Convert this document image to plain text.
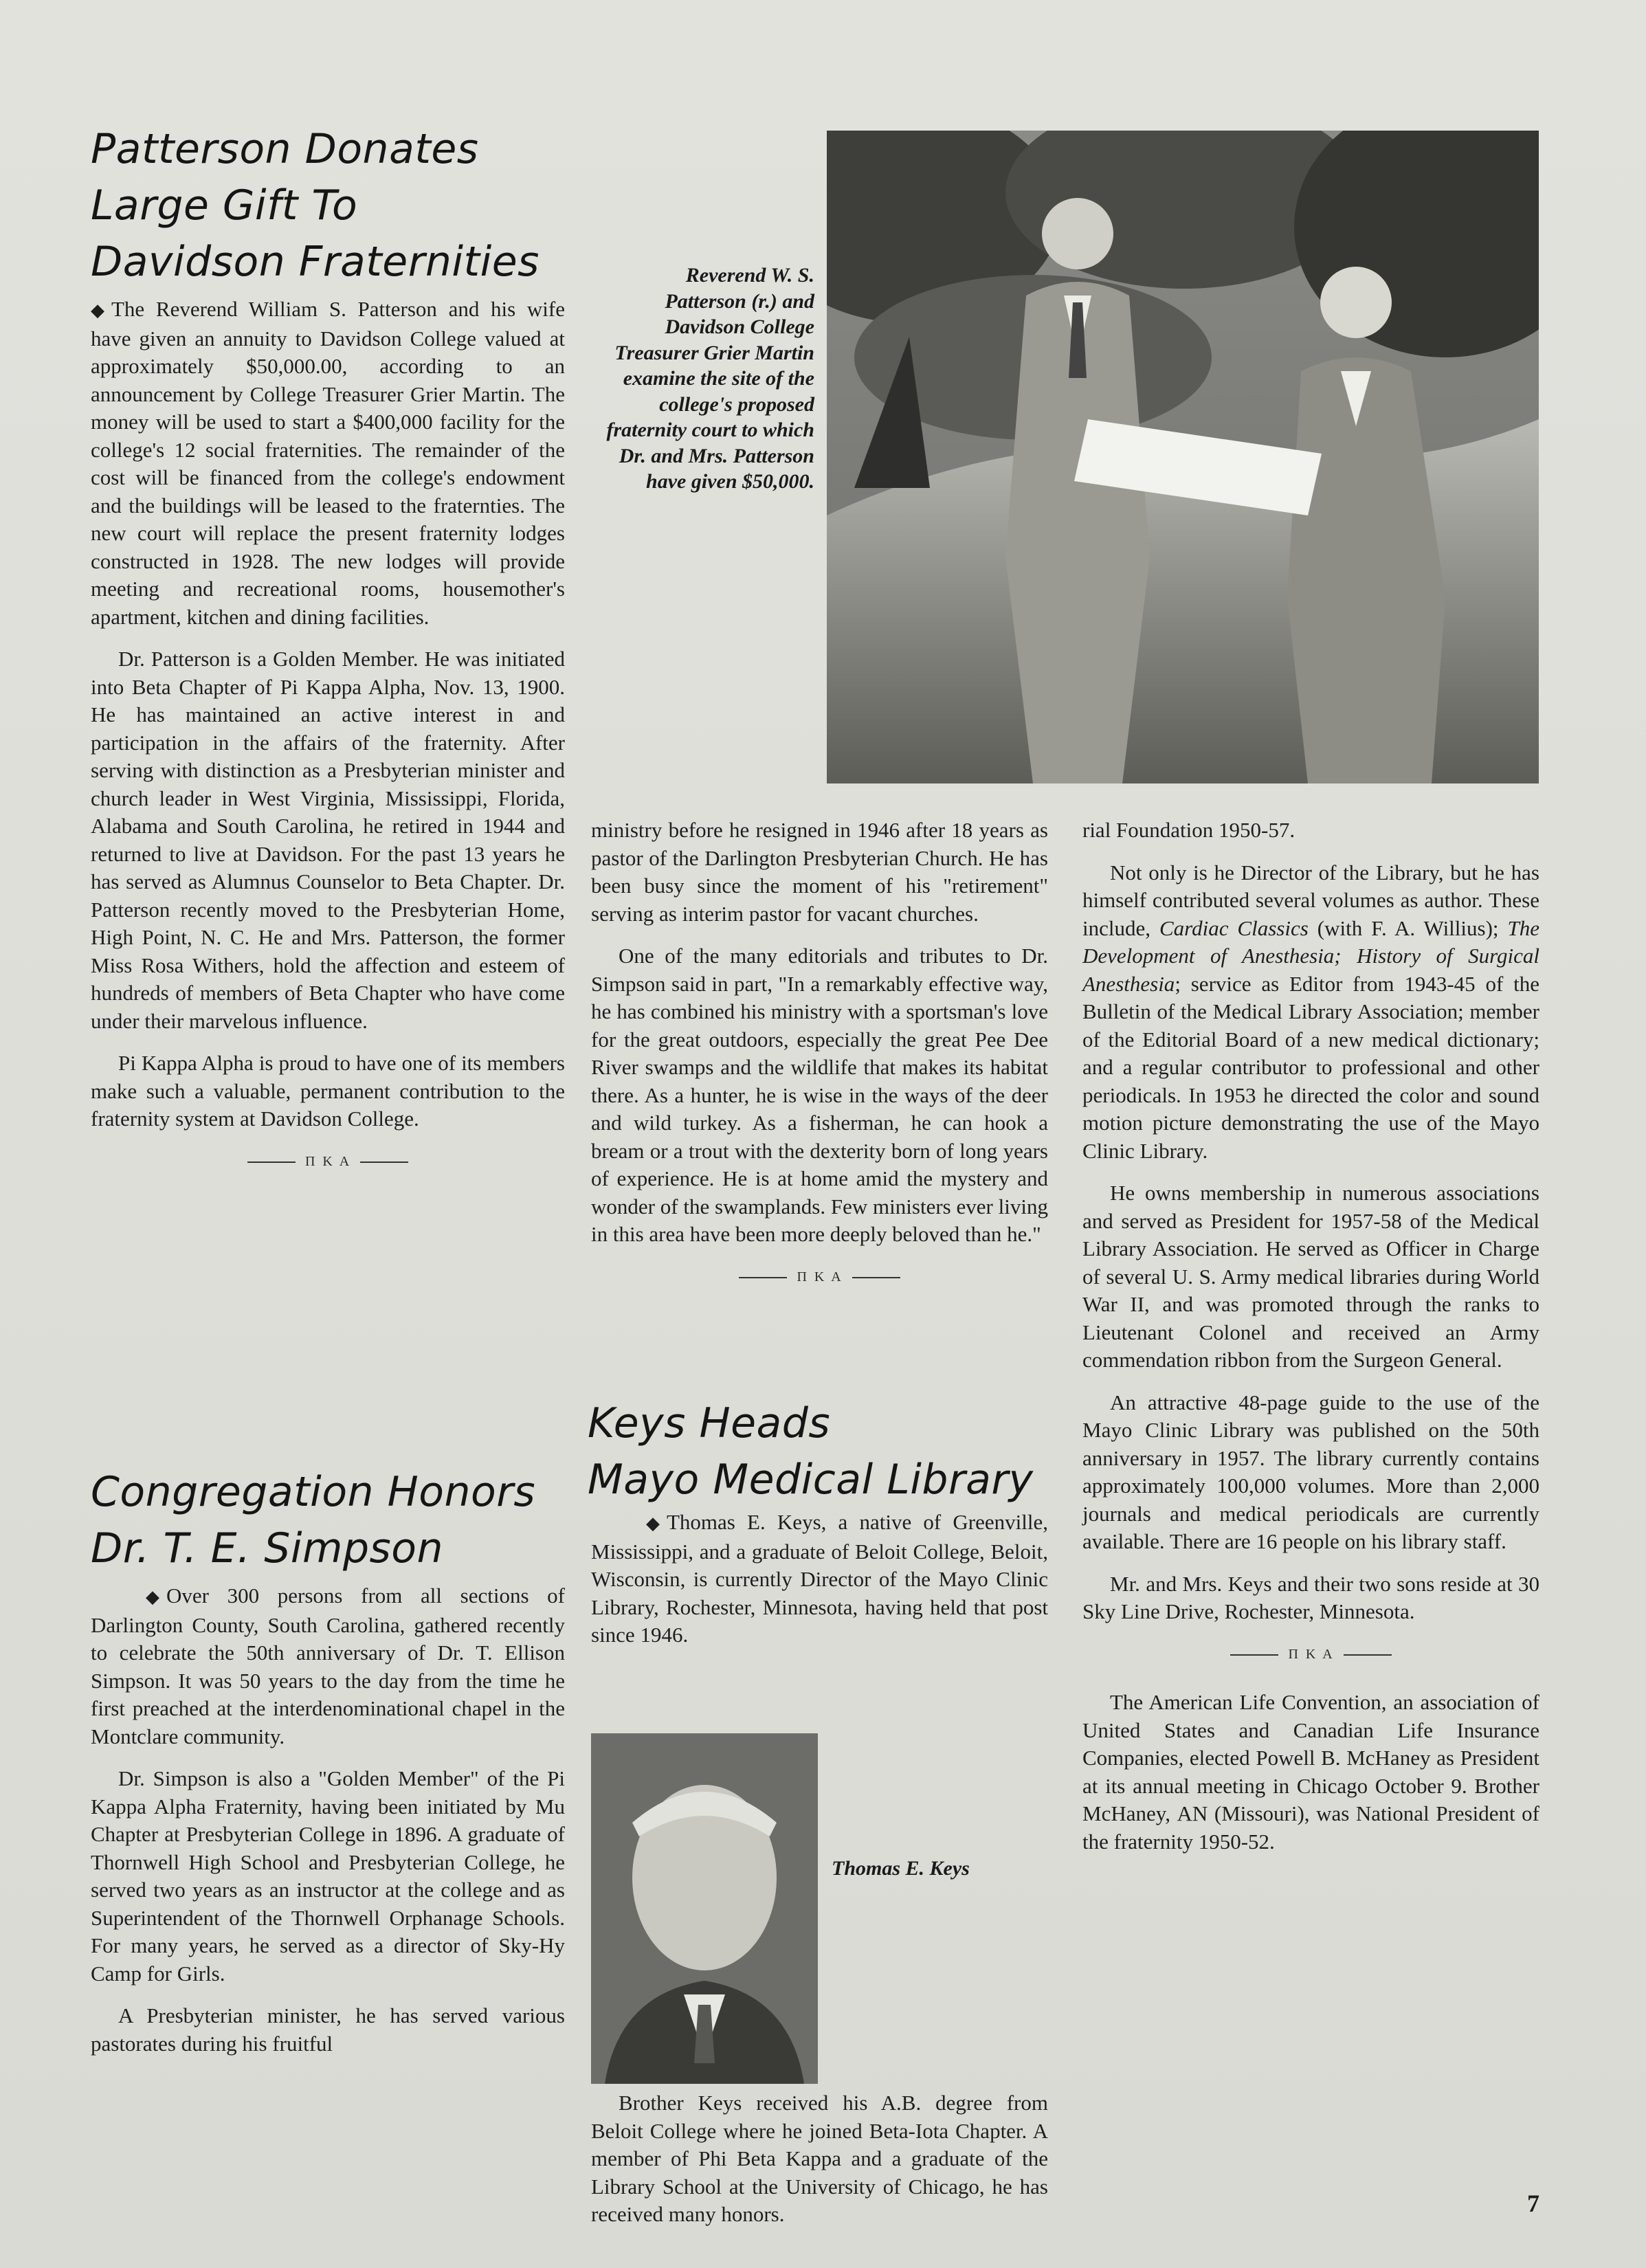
Patterson Donates
Large Gift To
Davidson Fraternities	Reverend W. S. Patterson (r.) and Davidson College Treasurer Grier Martin examine the site of the college's proposed fraternity court to which Dr. and Mrs. Patterson have given $50,000.

◆ The Reverend William S. Patterson and his wife have given an annuity to Davidson College valued at approximately $50,000.00, according to an announcement by College Treasurer Grier Martin. The money will be used to start a $400,000 facility for the college's 12 social fraternities. The remainder of the cost will be financed from the college's endowment and the buildings will be leased to the fraternties. The new court will replace the present fraternity lodges constructed in 1928. The new lodges will provide meeting and recreational rooms, housemother's apartment, kitchen and dining facilities.

Dr. Patterson is a Golden Member. He was initiated into Beta Chapter of Pi Kappa Alpha, Nov. 13, 1900. He has maintained an active interest in and participation in the affairs of the fraternity. After serving with distinction as a Presbyterian minister and church leader in West Virginia, Mississippi, Florida, Alabama and South Carolina, he retired in 1944 and returned to live at Davidson. For the past 13 years he has served as Alumnus Counselor to Beta Chapter. Dr. Patterson recently moved to the Presbyterian Home, High Point, N. C. He and Mrs. Patterson, the former Miss Rosa Withers, hold the affection and esteem of hundreds of members of Beta Chapter who have come under their marvelous influence.

Pi Kappa Alpha is proud to have one of its members make such a valuable, permanent contribution to the fraternity system at Davidson College.

Π Κ Α
Congregation Honors
Dr. T. E. Simpson

◆ Over 300 persons from all sections of Darlington County, South Carolina, gathered recently to celebrate the 50th anniversary of Dr. T. Ellison Simpson. It was 50 years to the day from the time he first preached at the interdenominational chapel in the Montclare community.

Dr. Simpson is also a "Golden Member" of the Pi Kappa Alpha Fraternity, having been initiated by Mu Chapter at Presbyterian College in 1896. A graduate of Thornwell High School and Presbyterian College, he served two years as an instructor at the college and as Superintendent of the Thornwell Orphanage Schools. For many years, he served as a director of Sky-Hy Camp for Girls.

A Presbyterian minister, he has served various pastorates during his fruitful

ministry before he resigned in 1946 after 18 years as pastor of the Darlington Presbyterian Church. He has been busy since the moment of his "retirement" serving as interim pastor for vacant churches.

One of the many editorials and tributes to Dr. Simpson said in part, "In a remarkably effective way, he has combined his ministry with a sportsman's love for the great outdoors, especially the great Pee Dee River swamps and the wildlife that makes its habitat there. As a hunter, he is wise in the ways of the deer and wild turkey. As a fisherman, he can hook a bream or a trout with the dexterity born of long years of experience. He is at home amid the mystery and wonder of the swamplands. Few ministers ever living in this area have been more deeply beloved than he."

Π Κ Α
Keys Heads
Mayo Medical Library

◆ Thomas E. Keys, a native of Greenville, Mississippi, and a graduate of Beloit College, Beloit, Wisconsin, is currently Director of the Mayo Clinic Library, Rochester, Minnesota, having held that post since 1946.

Thomas E. Keys

Brother Keys received his A.B. degree from Beloit College where he joined Beta-Iota Chapter. A member of Phi Beta Kappa and a graduate of the Library School at the University of Chicago, he has received many honors.

rial Foundation 1950-57.

Not only is he Director of the Library, but he has himself contributed several volumes as author. These include, Cardiac Classics (with F. A. Willius); The Development of Anesthesia; History of Surgical Anesthesia; service as Editor from 1943-45 of the Bulletin of the Medical Library Association; member of the Editorial Board of a new medical dictionary; and a regular contributor to professional and other periodicals. In 1953 he directed the color and sound motion picture demonstrating the use of the Mayo Clinic Library.

He owns membership in numerous associations and served as President for 1957-58 of the Medical Library Association. He served as Officer in Charge of several U. S. Army medical libraries during World War II, and was promoted through the ranks to Lieutenant Colonel and received an Army commendation ribbon from the Surgeon General.

An attractive 48-page guide to the use of the Mayo Clinic Library was published on the 50th anniversary in 1957. The library currently contains approximately 100,000 volumes. More than 2,000 journals and medical periodicals are currently available. There are 16 people on his library staff.

Mr. and Mrs. Keys and their two sons reside at 30 Sky Line Drive, Rochester, Minnesota.

Π Κ Α

The American Life Convention, an association of United States and Canadian Life Insurance Companies, elected Powell B. McHaney as President at its annual meeting in Chicago October 9. Brother McHaney, ΑΝ (Missouri), was National President of the fraternity 1950-52.

7
